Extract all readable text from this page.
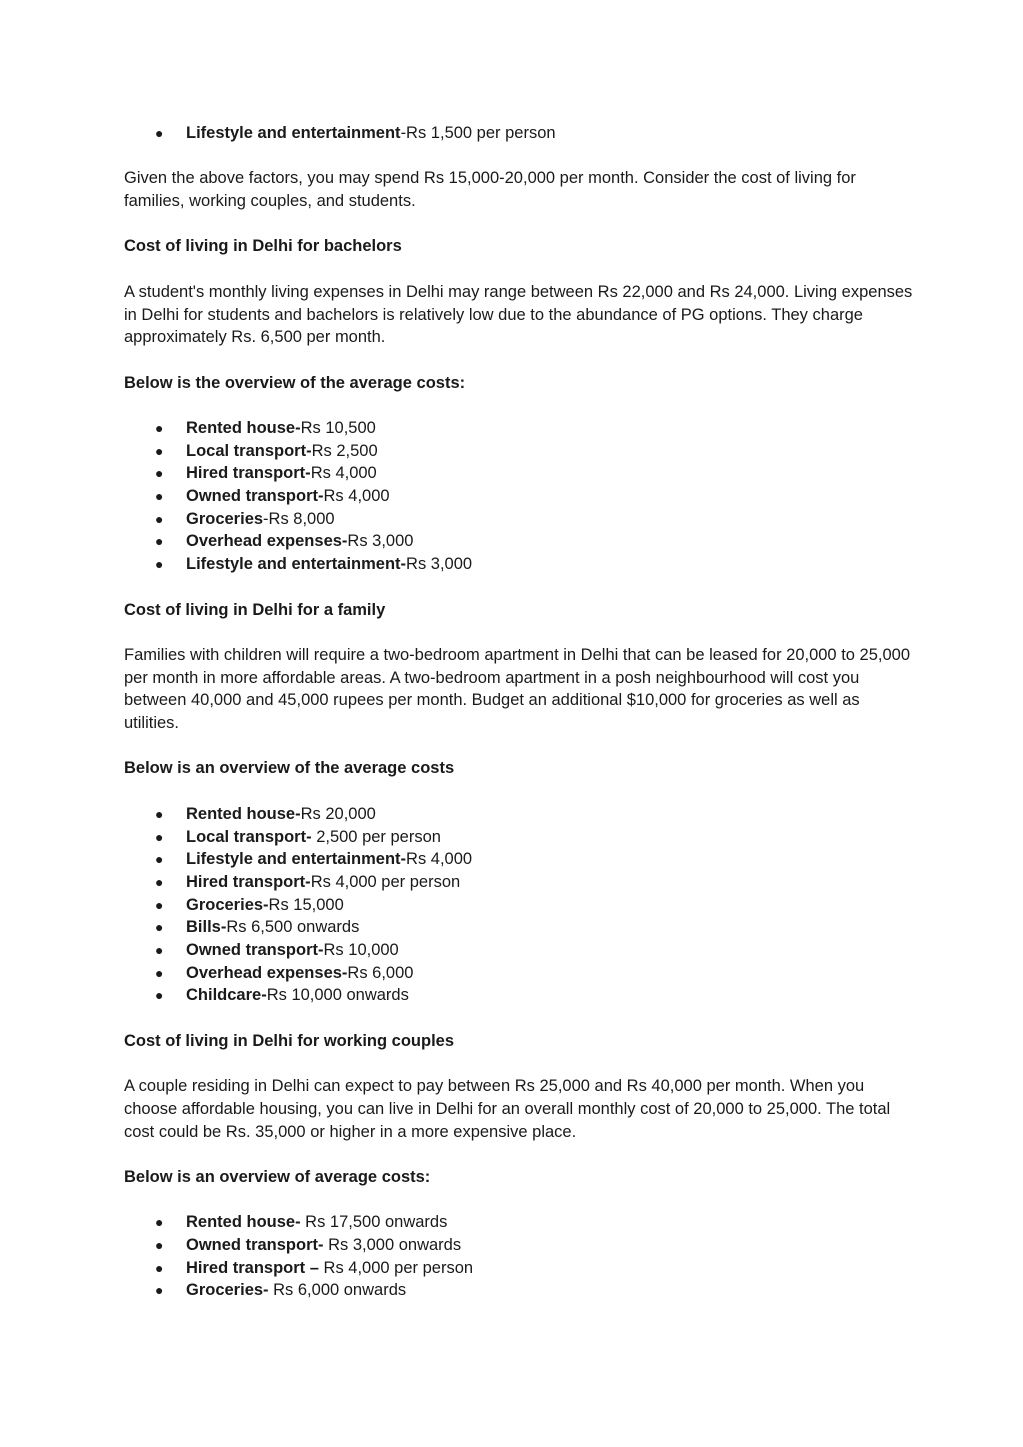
● Lifestyle and entertainment-Rs 1,500 per person

Given the above factors, you may spend Rs 15,000-20,000 per month. Consider the cost of living for families, working couples, and students.

Cost of living in Delhi for bachelors

A student's monthly living expenses in Delhi may range between Rs 22,000 and Rs 24,000. Living expenses in Delhi for students and bachelors is relatively low due to the abundance of PG options. They charge approximately Rs. 6,500 per month.

Below is the overview of the average costs:

● Rented house-Rs 10,500
● Local transport-Rs 2,500
● Hired transport-Rs 4,000
● Owned transport-Rs 4,000
● Groceries-Rs 8,000
● Overhead expenses-Rs 3,000
● Lifestyle and entertainment-Rs 3,000

Cost of living in Delhi for a family

Families with children will require a two-bedroom apartment in Delhi that can be leased for 20,000 to 25,000 per month in more affordable areas. A two-bedroom apartment in a posh neighbourhood will cost you between 40,000 and 45,000 rupees per month. Budget an additional $10,000 for groceries as well as utilities.

Below is an overview of the average costs

● Rented house-Rs 20,000
● Local transport- 2,500 per person
● Lifestyle and entertainment-Rs 4,000
● Hired transport-Rs 4,000 per person
● Groceries-Rs 15,000
● Bills-Rs 6,500 onwards
● Owned transport-Rs 10,000
● Overhead expenses-Rs 6,000
● Childcare-Rs 10,000 onwards

Cost of living in Delhi for working couples

A couple residing in Delhi can expect to pay between Rs 25,000 and Rs 40,000 per month. When you choose affordable housing, you can live in Delhi for an overall monthly cost of 20,000 to 25,000. The total cost could be Rs. 35,000 or higher in a more expensive place.

Below is an overview of average costs:

● Rented house- Rs 17,500 onwards
● Owned transport- Rs 3,000 onwards
● Hired transport – Rs 4,000 per person
● Groceries- Rs 6,000 onwards
